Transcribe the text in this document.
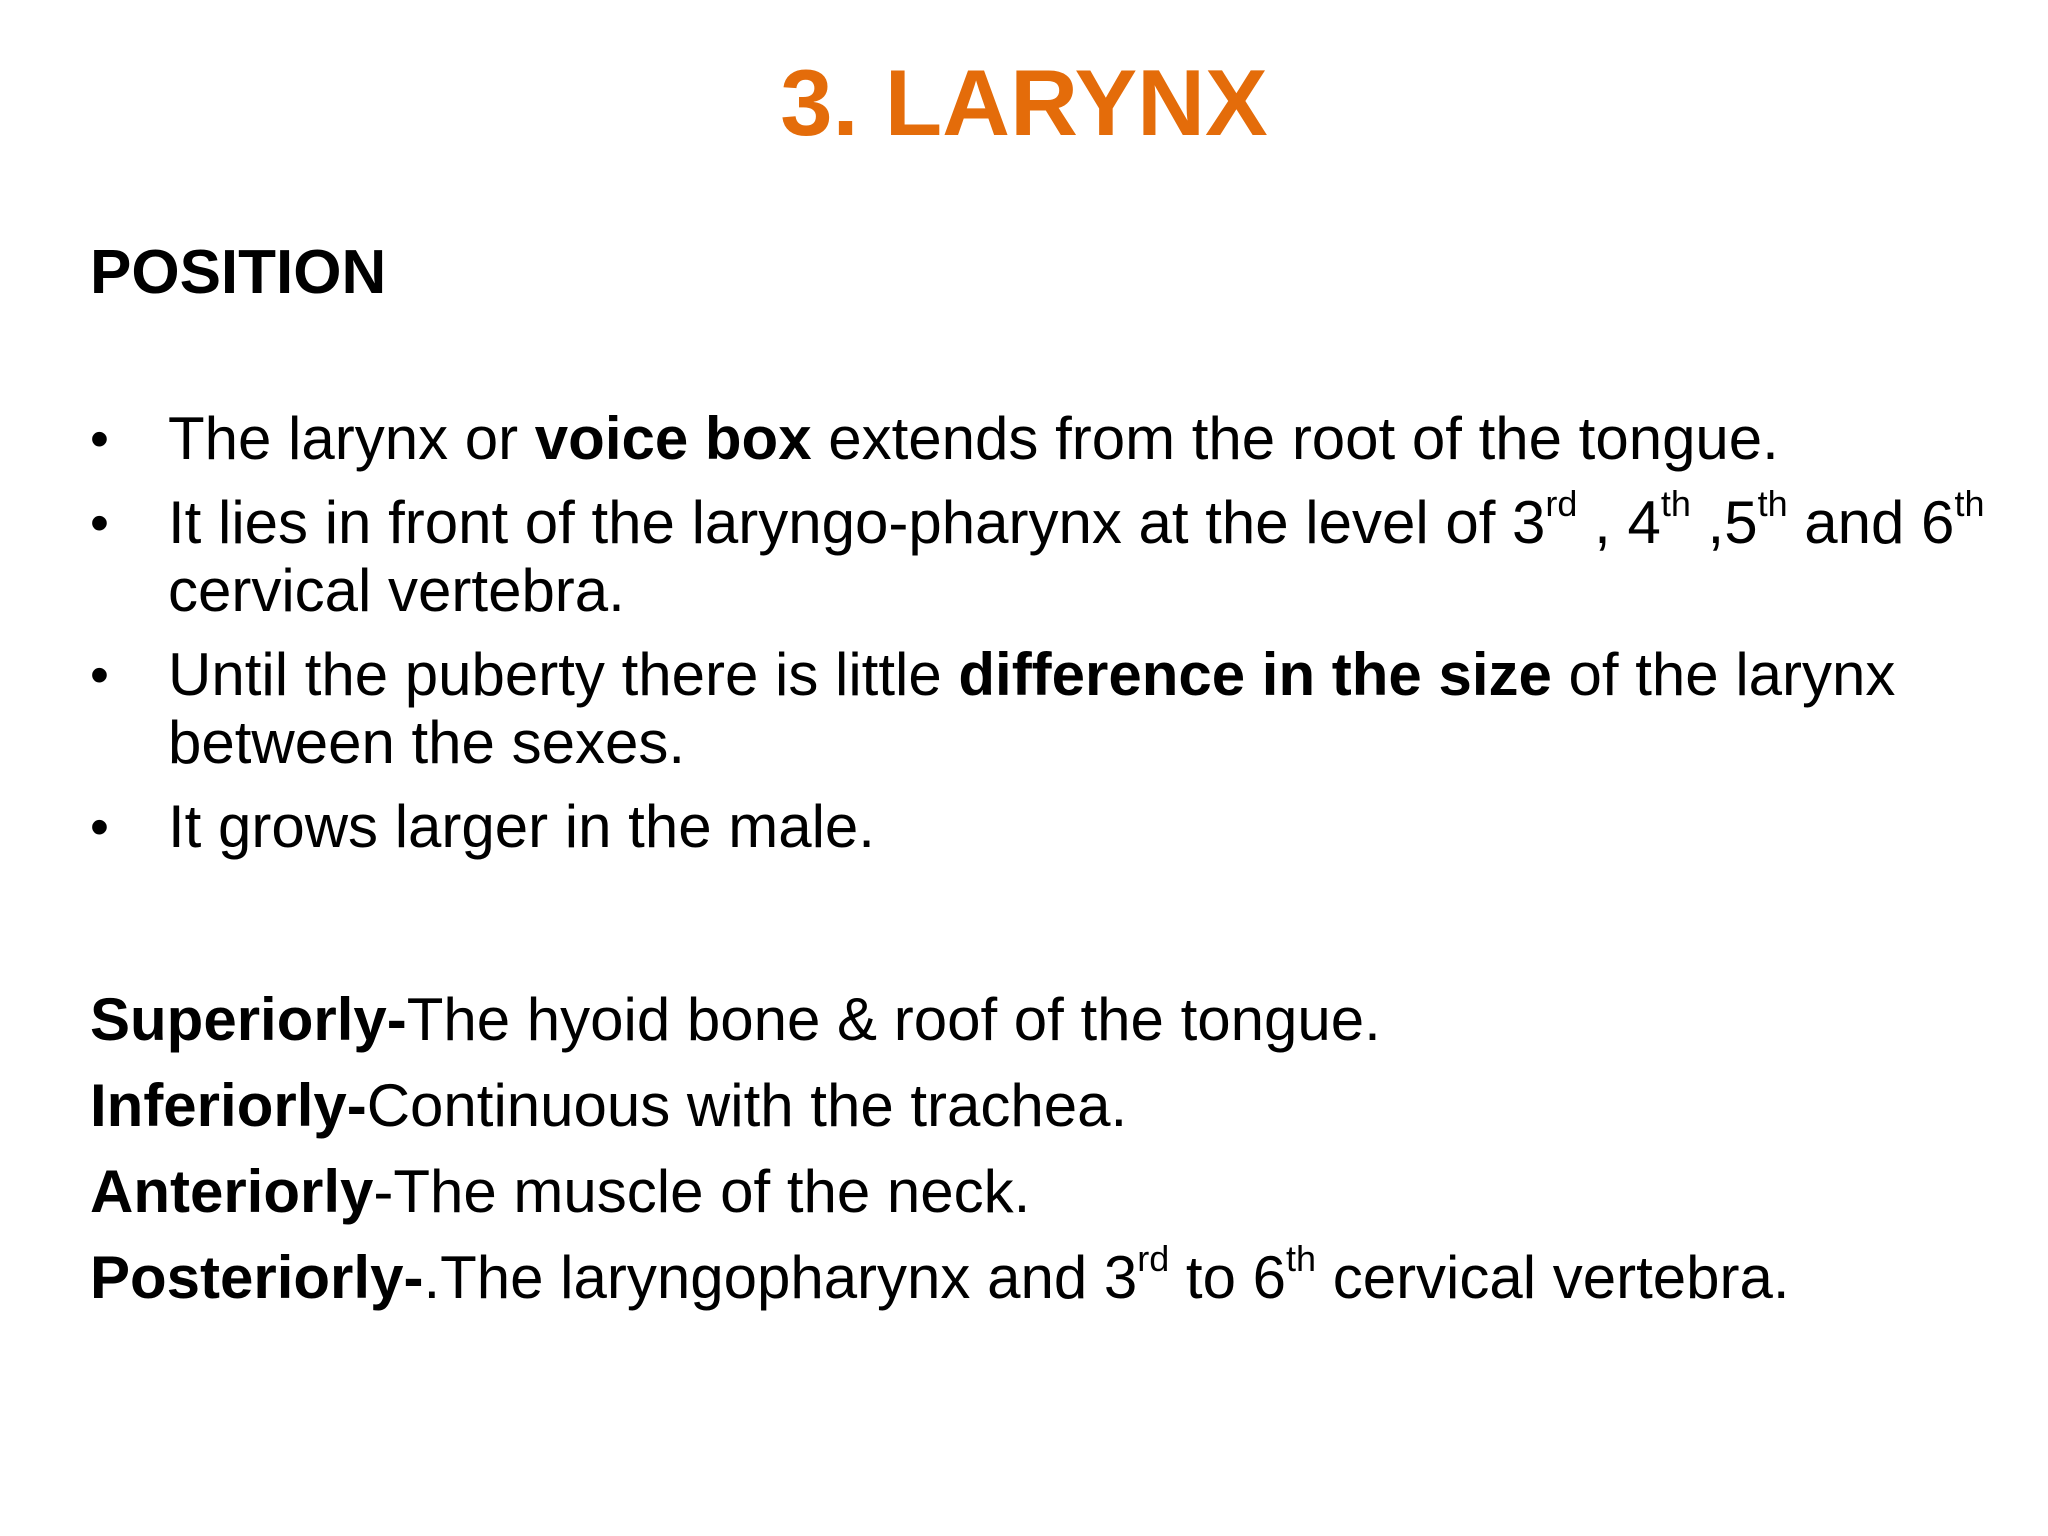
3. LARYNX
POSITION
• The larynx or voice box extends from the root of the tongue.
• It lies in front of the laryngo-pharynx at the level of 3rd , 4th ,5th and 6th cervical vertebra.
• Until the puberty there is little difference in the size of the larynx between the sexes.
• It grows larger in the male.
Superiorly-The hyoid bone & roof of the tongue.
Inferiorly-Continuous with the trachea.
Anteriorly-The muscle of the neck.
Posteriorly-.The laryngopharynx and 3rd to 6th cervical vertebra.
